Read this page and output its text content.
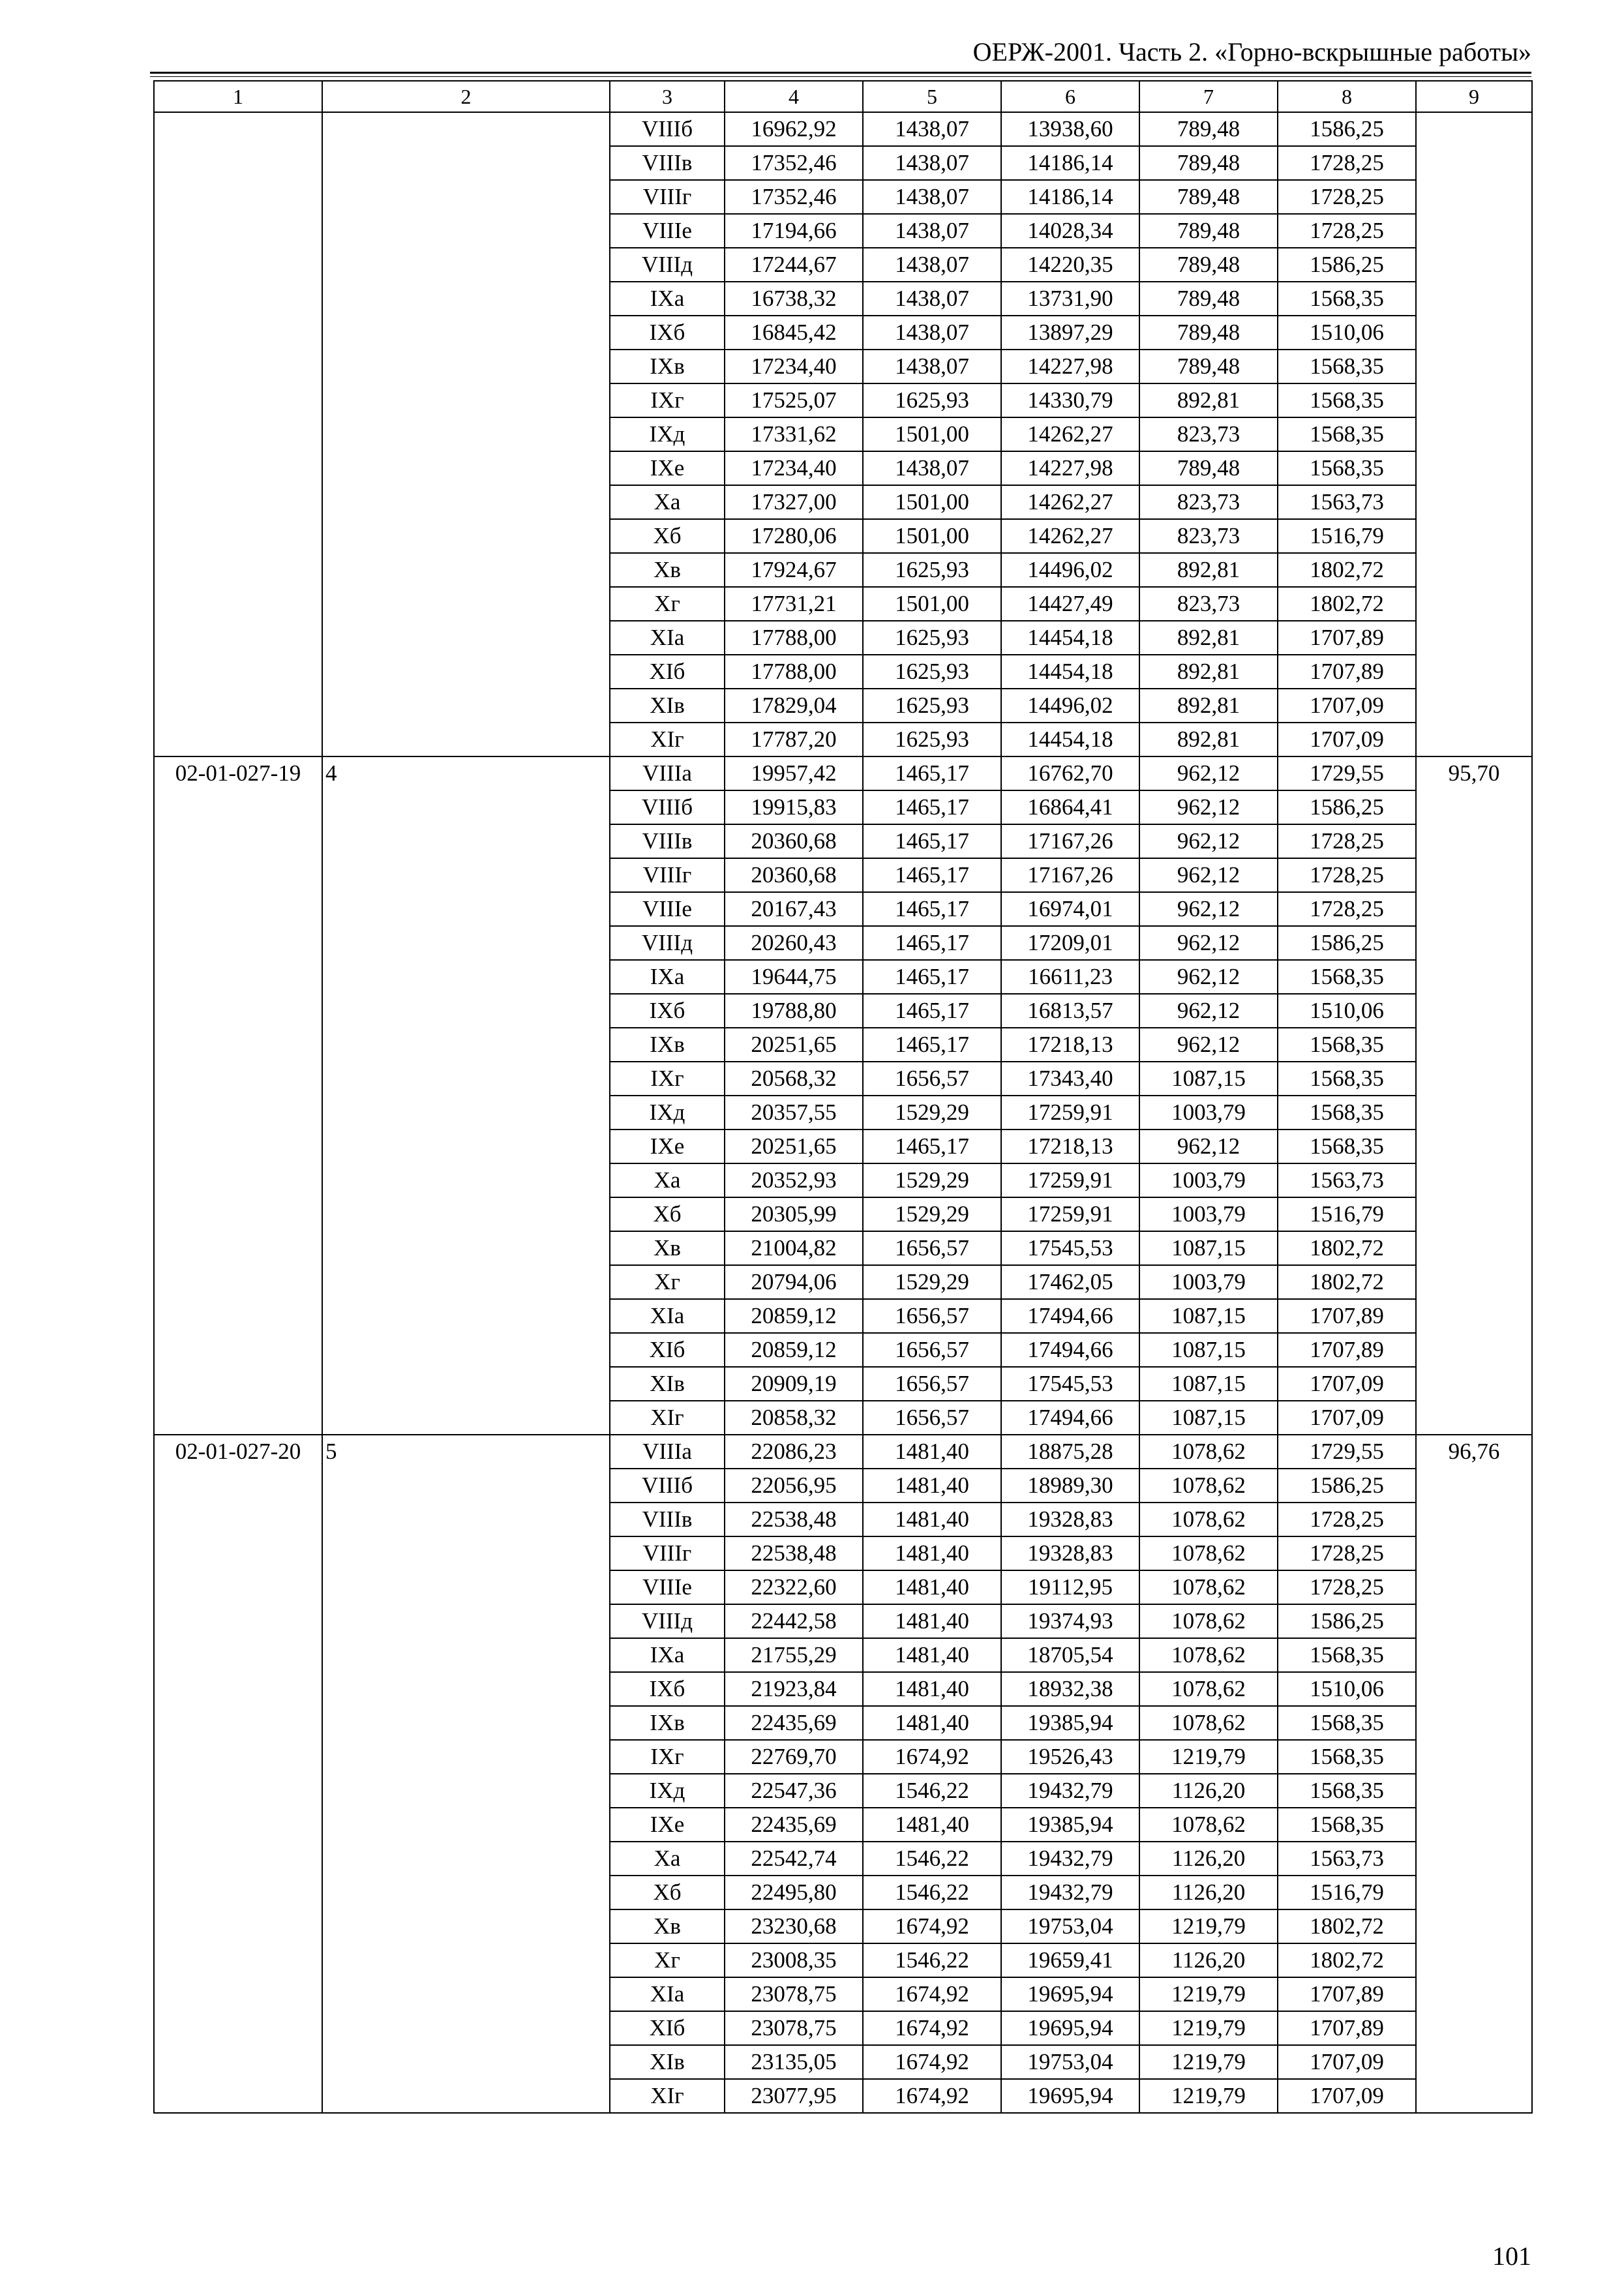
ОЕРЖ-2001. Часть 2. «Горно-вскрышные работы»
1	2	3	4	5	6	7	8	9
		VIIIб	16962,92	1438,07	13938,60	789,48	1586,25	
		VIIIв	17352,46	1438,07	14186,14	789,48	1728,25	
		VIIIг	17352,46	1438,07	14186,14	789,48	1728,25	
		VIIIе	17194,66	1438,07	14028,34	789,48	1728,25	
		VIIIд	17244,67	1438,07	14220,35	789,48	1586,25	
		IXа	16738,32	1438,07	13731,90	789,48	1568,35	
		IXб	16845,42	1438,07	13897,29	789,48	1510,06	
		IXв	17234,40	1438,07	14227,98	789,48	1568,35	
		IXг	17525,07	1625,93	14330,79	892,81	1568,35	
		IXд	17331,62	1501,00	14262,27	823,73	1568,35	
		IXе	17234,40	1438,07	14227,98	789,48	1568,35	
		Xа	17327,00	1501,00	14262,27	823,73	1563,73	
		Xб	17280,06	1501,00	14262,27	823,73	1516,79	
		Xв	17924,67	1625,93	14496,02	892,81	1802,72	
		Xг	17731,21	1501,00	14427,49	823,73	1802,72	
		XIа	17788,00	1625,93	14454,18	892,81	1707,89	
		XIб	17788,00	1625,93	14454,18	892,81	1707,89	
		XIв	17829,04	1625,93	14496,02	892,81	1707,09	
		XIг	17787,20	1625,93	14454,18	892,81	1707,09	
02-01-027-19	4	VIIIа	19957,42	1465,17	16762,70	962,12	1729,55	95,70
		VIIIб	19915,83	1465,17	16864,41	962,12	1586,25	
		VIIIв	20360,68	1465,17	17167,26	962,12	1728,25	
		VIIIг	20360,68	1465,17	17167,26	962,12	1728,25	
		VIIIе	20167,43	1465,17	16974,01	962,12	1728,25	
		VIIIд	20260,43	1465,17	17209,01	962,12	1586,25	
		IXа	19644,75	1465,17	16611,23	962,12	1568,35	
		IXб	19788,80	1465,17	16813,57	962,12	1510,06	
		IXв	20251,65	1465,17	17218,13	962,12	1568,35	
		IXг	20568,32	1656,57	17343,40	1087,15	1568,35	
		IXд	20357,55	1529,29	17259,91	1003,79	1568,35	
		IXе	20251,65	1465,17	17218,13	962,12	1568,35	
		Xа	20352,93	1529,29	17259,91	1003,79	1563,73	
		Xб	20305,99	1529,29	17259,91	1003,79	1516,79	
		Xв	21004,82	1656,57	17545,53	1087,15	1802,72	
		Xг	20794,06	1529,29	17462,05	1003,79	1802,72	
		XIа	20859,12	1656,57	17494,66	1087,15	1707,89	
		XIб	20859,12	1656,57	17494,66	1087,15	1707,89	
		XIв	20909,19	1656,57	17545,53	1087,15	1707,09	
		XIг	20858,32	1656,57	17494,66	1087,15	1707,09	
02-01-027-20	5	VIIIа	22086,23	1481,40	18875,28	1078,62	1729,55	96,76
		VIIIб	22056,95	1481,40	18989,30	1078,62	1586,25	
		VIIIв	22538,48	1481,40	19328,83	1078,62	1728,25	
		VIIIг	22538,48	1481,40	19328,83	1078,62	1728,25	
		VIIIе	22322,60	1481,40	19112,95	1078,62	1728,25	
		VIIIд	22442,58	1481,40	19374,93	1078,62	1586,25	
		IXа	21755,29	1481,40	18705,54	1078,62	1568,35	
		IXб	21923,84	1481,40	18932,38	1078,62	1510,06	
		IXв	22435,69	1481,40	19385,94	1078,62	1568,35	
		IXг	22769,70	1674,92	19526,43	1219,79	1568,35	
		IXд	22547,36	1546,22	19432,79	1126,20	1568,35	
		IXе	22435,69	1481,40	19385,94	1078,62	1568,35	
		Xа	22542,74	1546,22	19432,79	1126,20	1563,73	
		Xб	22495,80	1546,22	19432,79	1126,20	1516,79	
		Xв	23230,68	1674,92	19753,04	1219,79	1802,72	
		Xг	23008,35	1546,22	19659,41	1126,20	1802,72	
		XIа	23078,75	1674,92	19695,94	1219,79	1707,89	
		XIб	23078,75	1674,92	19695,94	1219,79	1707,89	
		XIв	23135,05	1674,92	19753,04	1219,79	1707,09	
		XIг	23077,95	1674,92	19695,94	1219,79	1707,09	
101
